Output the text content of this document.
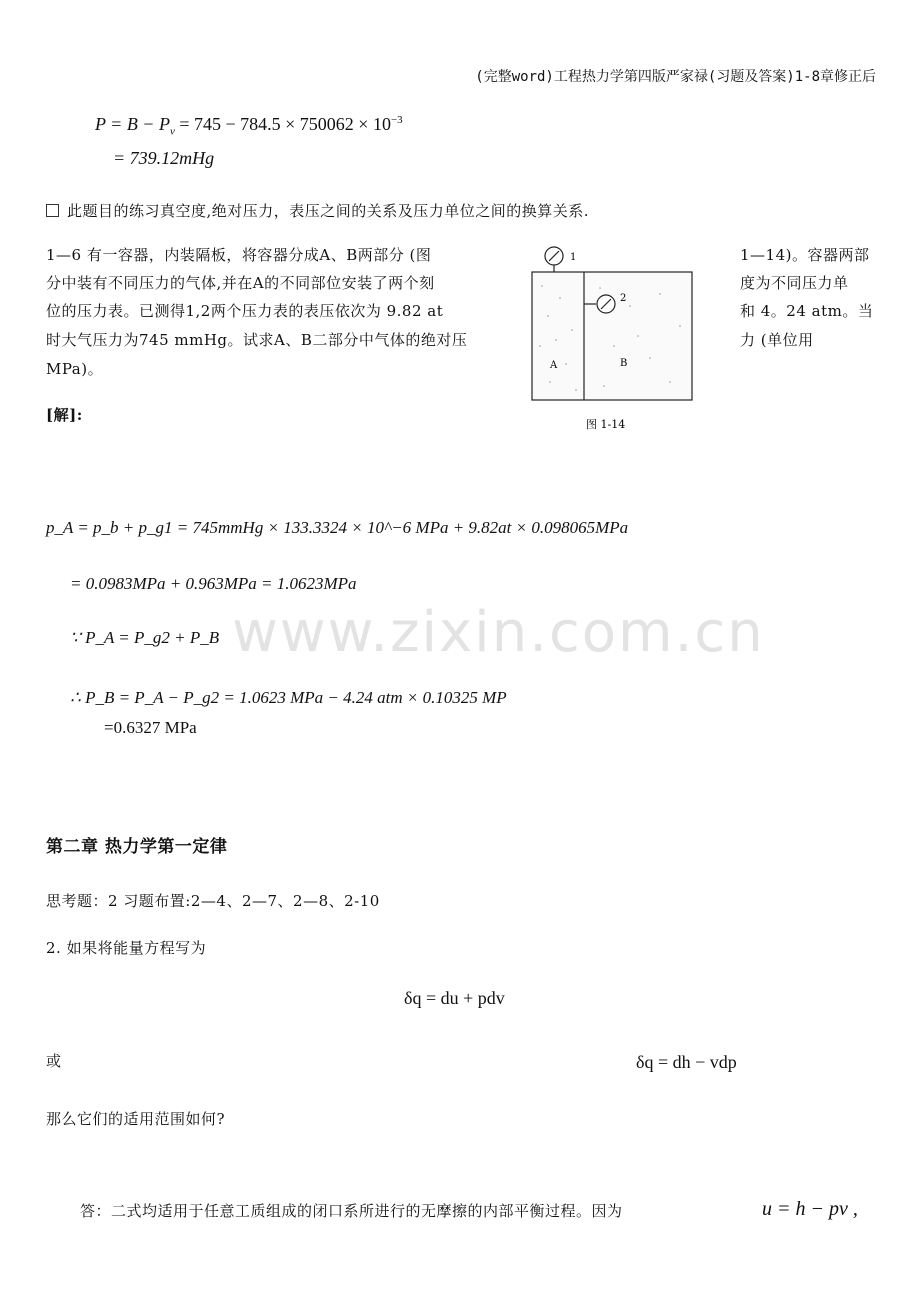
www.zixin.com.cn
(完整word)工程热力学第四版严家禄(习题及答案)1-8章修正后
$P = B - P_v = 745 - 784.5 \times 750062 \times 10^{-3}$
= 739.12mHg
此题目的练习真空度,绝对压力，表压之间的关系及压力单位之间的换算关系.
1—6 有一容器，内装隔板，将容器分成A、B两部分 (图
分中装有不同压力的气体,并在A的不同部位安装了两个刻
位的压力表。已测得1,2两个压力表的表压依次为 9.82 at
时大气压力为745 mmHg。试求A、B二部分中气体的绝对压
MPa)。
1—14)。容器两部
度为不同压力单
和 4。24 atm。当
力 (单位用
1
2
A	B
图 1-14
[解]:
p_A = p_b + p_g1 = 745mmHg × 133.3324 × 10^−6 MPa + 9.82at × 0.098065MPa
= 0.0983MPa + 0.963MPa = 1.0623MPa
∵ P_A = P_g2 + P_B
∴ P_B = P_A − P_g2 = 1.0623 MPa − 4.24 atm × 0.10325 MP
=0.6327 MPa
第二章 热力学第一定律
思考题：2 习题布置:2—4、2—7、2—8、2-10
2. 如果将能量方程写为
δq = du + pdv
或	δq = dh − vdp
那么它们的适用范围如何?
答：二式均适用于任意工质组成的闭口系所进行的无摩擦的内部平衡过程。因为	u = h − pv ,
